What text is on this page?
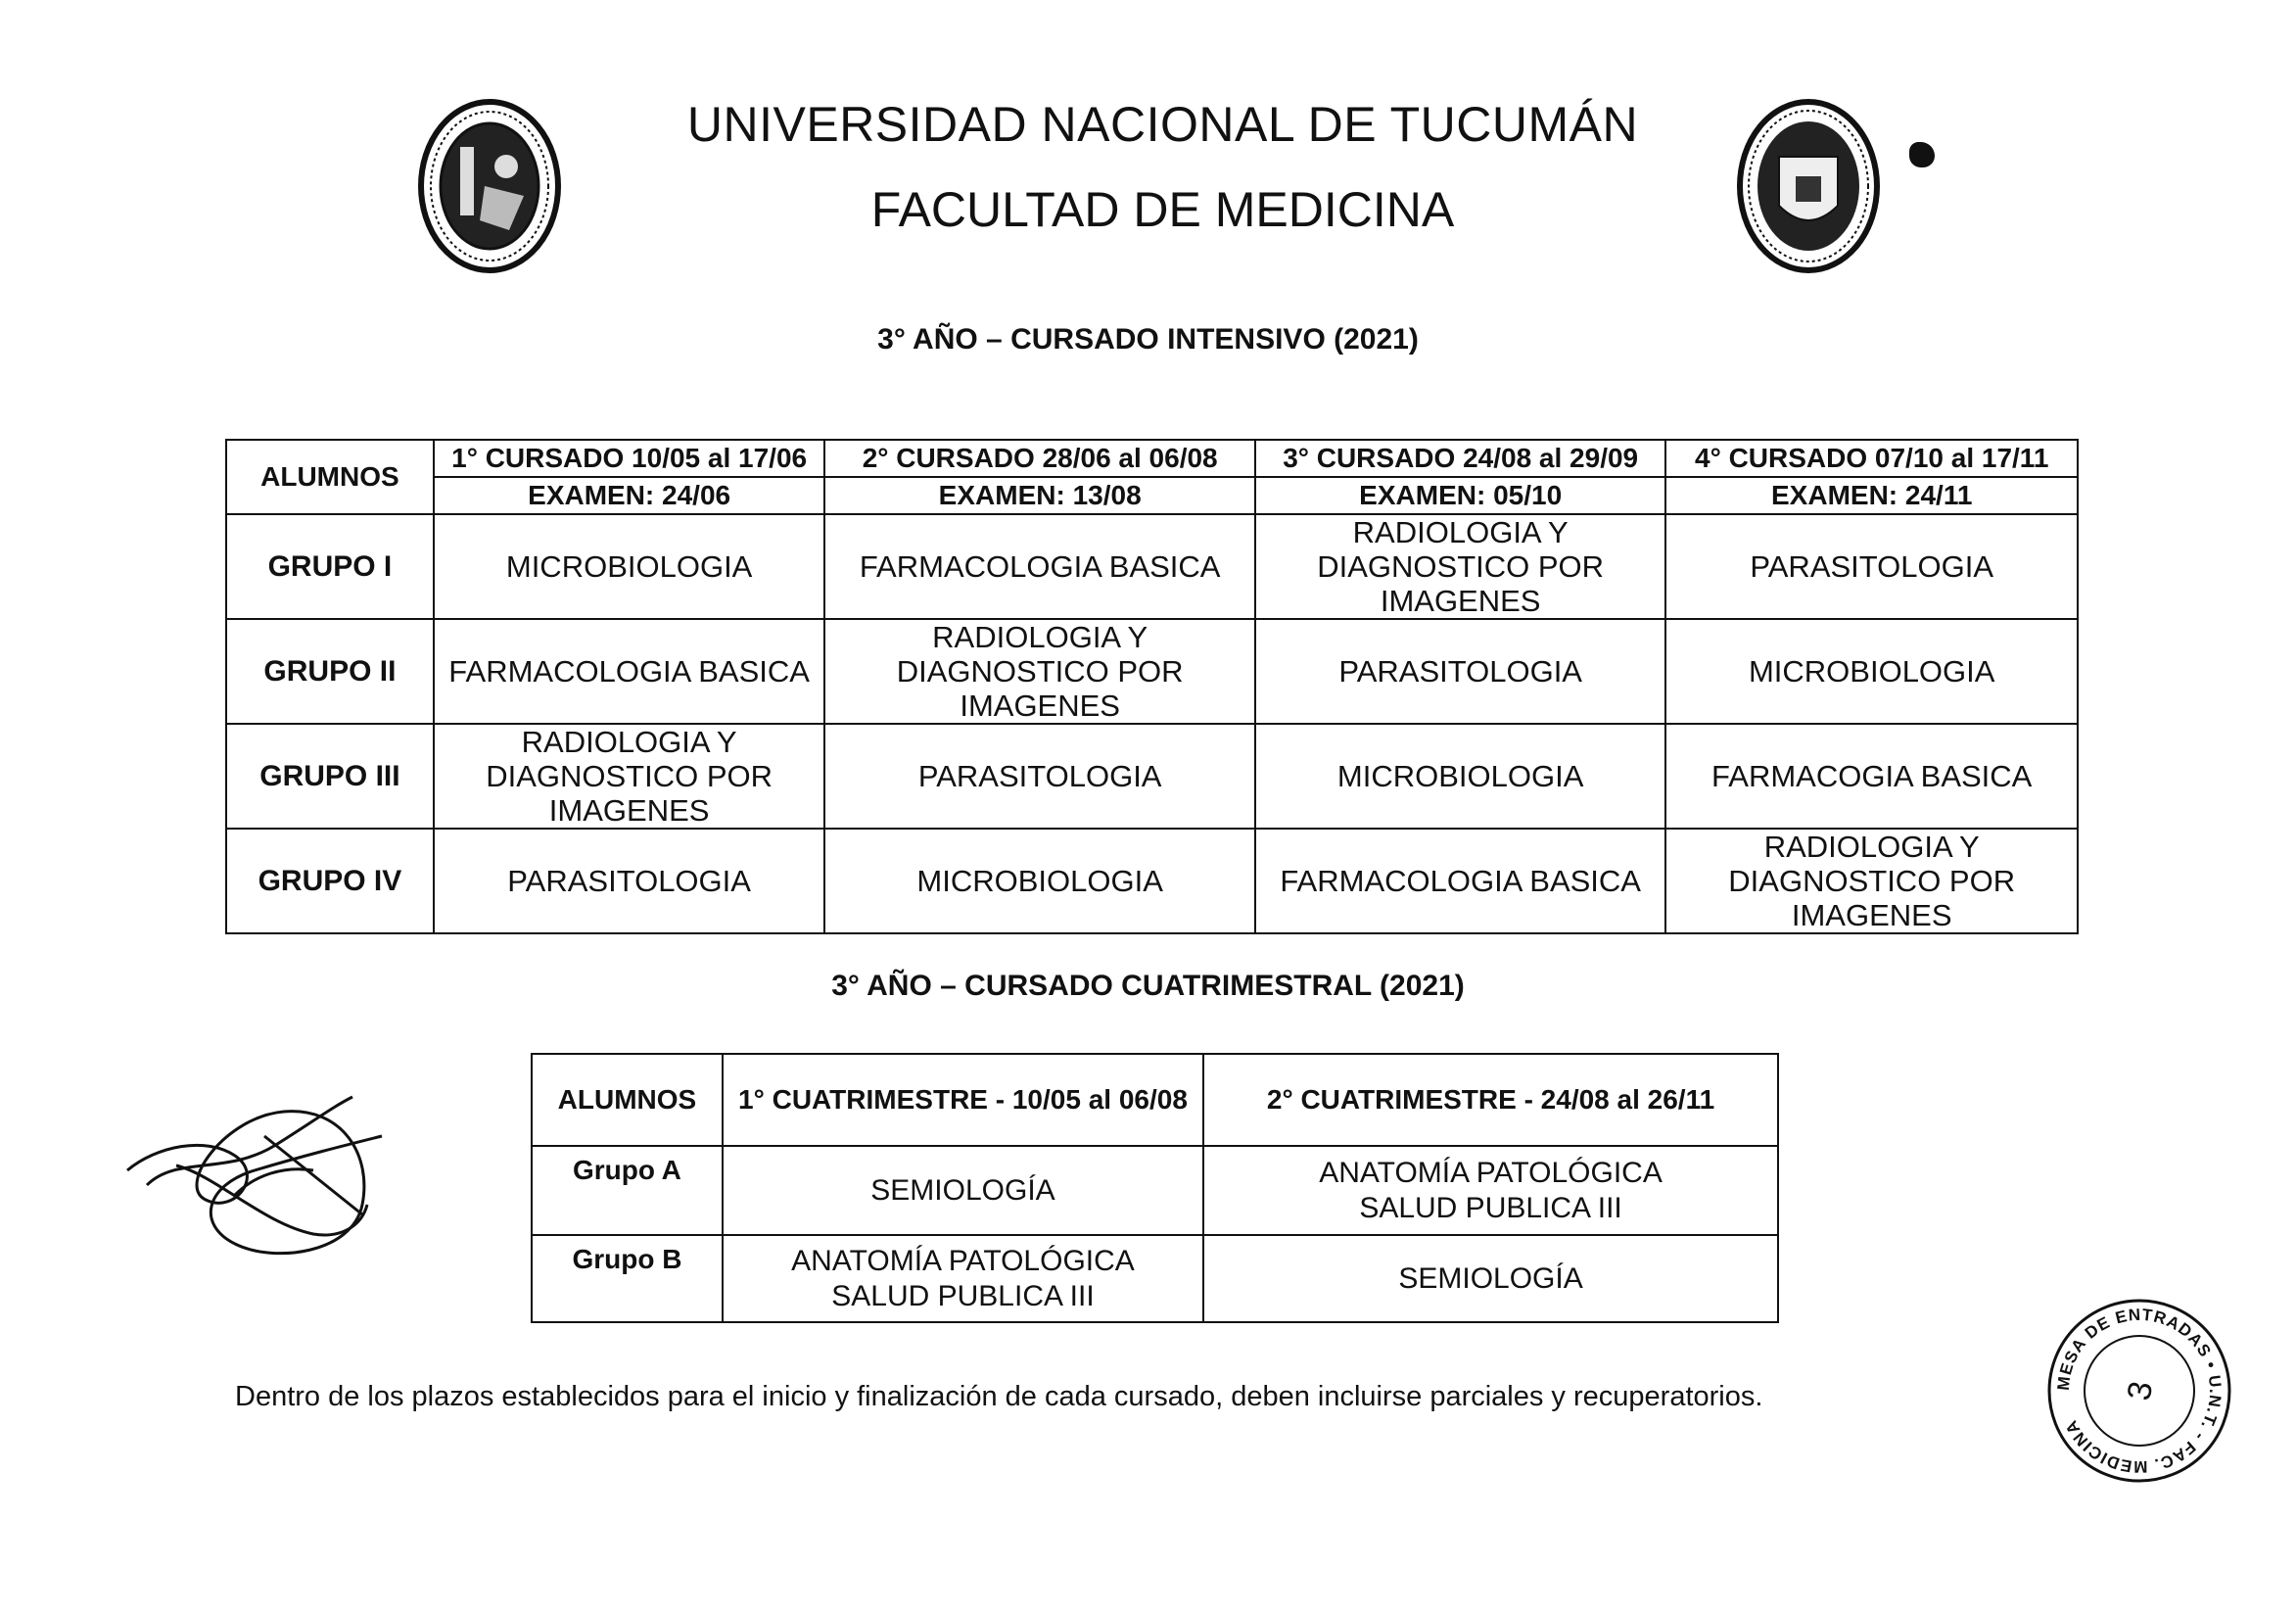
UNIVERSIDAD NACIONAL DE TUCUMÁN
FACULTAD DE MEDICINA
3° AÑO – CURSADO INTENSIVO (2021)
ALUMNOS	1° CURSADO 10/05 al 17/06	2° CURSADO 28/06 al 06/08	3° CURSADO 24/08 al 29/09	4° CURSADO 07/10 al 17/11
	EXAMEN: 24/06	EXAMEN: 13/08	EXAMEN: 05/10	EXAMEN: 24/11
GRUPO I	MICROBIOLOGIA	FARMACOLOGIA BASICA	RADIOLOGIA Y
DIAGNOSTICO POR
IMAGENES	PARASITOLOGIA
GRUPO II	FARMACOLOGIA BASICA	RADIOLOGIA Y
DIAGNOSTICO POR
IMAGENES	PARASITOLOGIA	MICROBIOLOGIA
GRUPO III	RADIOLOGIA Y
DIAGNOSTICO POR
IMAGENES	PARASITOLOGIA	MICROBIOLOGIA	FARMACOGIA BASICA
GRUPO IV	PARASITOLOGIA	MICROBIOLOGIA	FARMACOLOGIA BASICA	RADIOLOGIA Y
DIAGNOSTICO POR
IMAGENES
3° AÑO – CURSADO CUATRIMESTRAL (2021)
ALUMNOS	1° CUATRIMESTRE - 10/05 al 06/08	2° CUATRIMESTRE - 24/08 al 26/11
Grupo A	SEMIOLOGÍA	ANATOMÍA PATOLÓGICA
SALUD PUBLICA III
Grupo B	ANATOMÍA PATOLÓGICA
SALUD PUBLICA III	SEMIOLOGÍA
Dentro de los plazos establecidos para el inicio y finalización de cada cursado, deben incluirse parciales y recuperatorios.	MESA DE ENTRADAS • U.N.T. - FAC. MEDICINA
3
